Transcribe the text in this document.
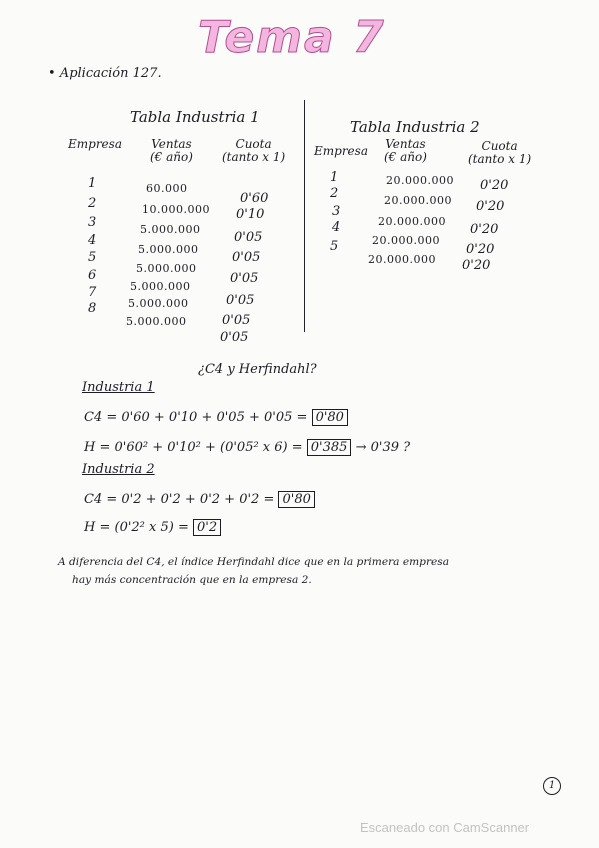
Tema 7
• Aplicación 127.
Tabla Industria 1
Empresa Ventas
(€ año)
Cuota
(tanto x 1)
1
2
3
4
5
6
7
8
60.000
10.000.000
5.000.000
5.000.000
5.000.000
5.000.000
5.000.000
5.000.000
0'60
0'10
0'05
0'05
0'05
0'05
0'05
0'05
Tabla Industria 2
Empresa Ventas
(€ año)
Cuota
(tanto x 1)
1
2
3
4
5
20.000.000
20.000.000
20.000.000
20.000.000
20.000.000
0'20
0'20
0'20
0'20
0'20
¿C4 y Herfindahl?
Industria 1
C4 = 0'60 + 0'10 + 0'05 + 0'05 = 0'80
H = 0'60² + 0'10² + (0'05² x 6) = 0'385 → 0'39 ?
Industria 2
C4 = 0'2 + 0'2 + 0'2 + 0'2 = 0'80
H = (0'2² x 5) = 0'2
A diferencia del C4, el índice Herfindahl dice que en la primera empresa
hay más concentración que en la empresa 2.
1
Escaneado con CamScanner
